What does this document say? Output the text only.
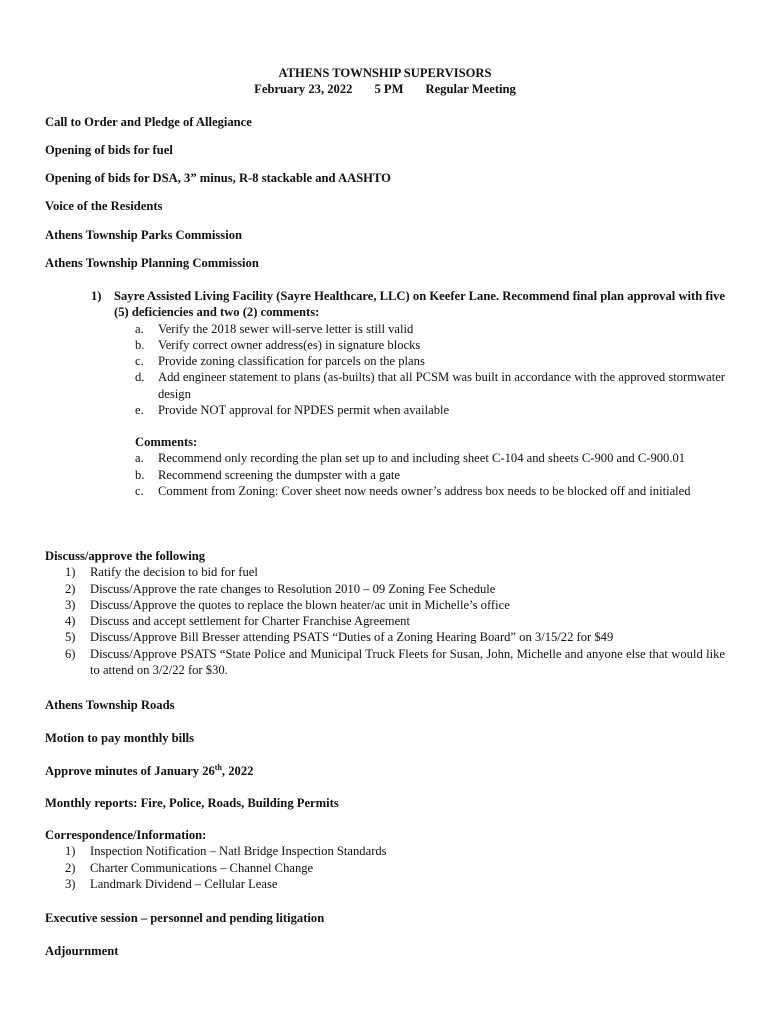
ATHENS TOWNSHIP SUPERVISORS
February 23, 2022 5 PM Regular Meeting
Call to Order and Pledge of Allegiance
Opening of bids for fuel
Opening of bids for DSA, 3” minus, R-8 stackable and AASHTO
Voice of the Residents
Athens Township Parks Commission
Athens Township Planning Commission
1) Sayre Assisted Living Facility (Sayre Healthcare, LLC) on Keefer Lane. Recommend final plan approval with five (5) deficiencies and two (2) comments:
a.	Verify the 2018 sewer will-serve letter is still valid
b.	Verify correct owner address(es) in signature blocks
c.	Provide zoning classification for parcels on the plans
d.	Add engineer statement to plans (as-builts) that all PCSM was built in accordance with the approved stormwater design
e.	Provide NOT approval for NPDES permit when available
Comments:
a.	Recommend only recording the plan set up to and including sheet C-104 and sheets C-900 and C-900.01
b.	Recommend screening the dumpster with a gate
c.	Comment from Zoning: Cover sheet now needs owner’s address box needs to be blocked off and initialed
Discuss/approve the following
1)	Ratify the decision to bid for fuel
2)	Discuss/Approve the rate changes to Resolution 2010 – 09 Zoning Fee Schedule
3)	Discuss/Approve the quotes to replace the blown heater/ac unit in Michelle’s office
4)	Discuss and accept settlement for Charter Franchise Agreement
5)	Discuss/Approve Bill Bresser attending PSATS “Duties of a Zoning Hearing Board” on 3/15/22 for $49
6)	Discuss/Approve PSATS “State Police and Municipal Truck Fleets for Susan, John, Michelle and anyone else that would like to attend on 3/2/22 for $30.
Athens Township Roads
Motion to pay monthly bills
Approve minutes of January 26th, 2022
Monthly reports: Fire, Police, Roads, Building Permits
Correspondence/Information:
1)	Inspection Notification – Natl Bridge Inspection Standards
2)	Charter Communications – Channel Change
3)	Landmark Dividend – Cellular Lease
Executive session – personnel and pending litigation
Adjournment
